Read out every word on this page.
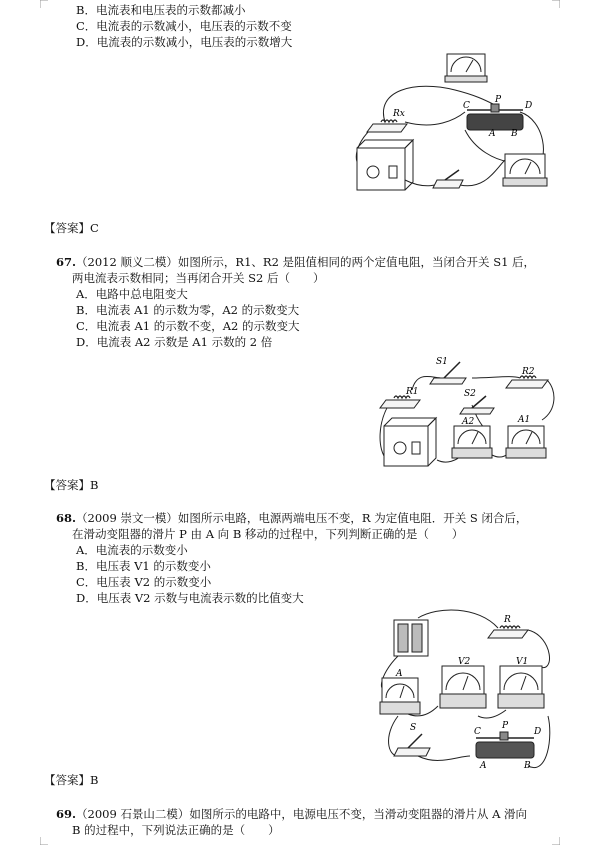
B．电流表和电压表的示数都减小
C．电流表的示数减小，电压表的示数不变
D．电流表的示数减小，电压表的示数增大
Rx
C
P
D
A B
【答案】C
67.（2012 顺义二模）如图所示，R1、R2 是阻值相同的两个定值电阻，当闭合开关 S1 后，
两电流表示数相同；当再闭合开关 S2 后（　　）
A．电路中总电阻变大
B．电流表 A1 的示数为零，A2 的示数变大
C．电流表 A1 的示数不变，A2 的示数变大
D．电流表 A2 示数是 A1 示数的 2 倍
S1
R2
R1	S2
A2	A1
【答案】B
68.（2009 崇文一模）如图所示电路，电源两端电压不变，R 为定值电阻．开关 S 闭合后，
在滑动变阻器的滑片 P 由 A 向 B 移动的过程中，下列判断正确的是（　　）
A．电流表的示数变小
B．电压表 V1 的示数变小
C．电压表 V2 的示数变小
D．电压表 V2 示数与电流表示数的比值变大
R
V2	V1
A
S	C
P
D
A	B
【答案】B
69.（2009 石景山二模）如图所示的电路中，电源电压不变，当滑动变阻器的滑片从 A 滑向
B 的过程中，下列说法正确的是（　　）
